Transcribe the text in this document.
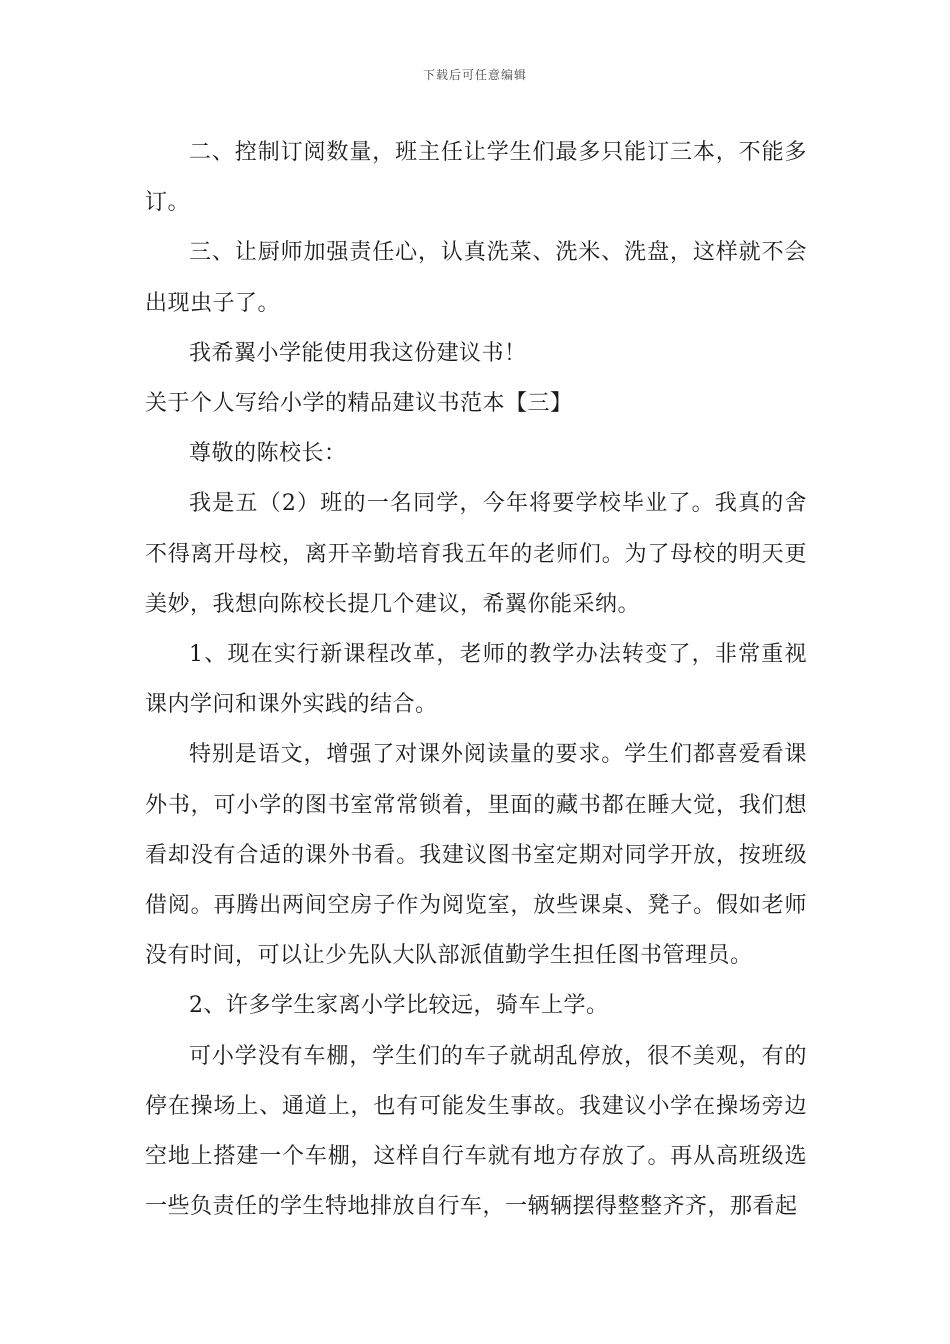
下载后可任意编辑

二、控制订阅数量，班主任让学生们最多只能订三本，不能多订。

三、让厨师加强责任心，认真洗菜、洗米、洗盘，这样就不会出现虫子了。

我希翼小学能使用我这份建议书！

关于个人写给小学的精品建议书范本【三】

尊敬的陈校长：

我是五（2）班的一名同学，今年将要学校毕业了。我真的舍不得离开母校，离开辛勤培育我五年的老师们。为了母校的明天更美妙，我想向陈校长提几个建议，希翼你能采纳。

1、现在实行新课程改革，老师的教学办法转变了，非常重视课内学问和课外实践的结合。

特别是语文，增强了对课外阅读量的要求。学生们都喜爱看课外书，可小学的图书室常常锁着，里面的藏书都在睡大觉，我们想看却没有合适的课外书看。我建议图书室定期对同学开放，按班级借阅。再腾出两间空房子作为阅览室，放些课桌、凳子。假如老师没有时间，可以让少先队大队部派值勤学生担任图书管理员。

2、许多学生家离小学比较远，骑车上学。

可小学没有车棚，学生们的车子就胡乱停放，很不美观，有的停在操场上、通道上，也有可能发生事故。我建议小学在操场旁边空地上搭建一个车棚，这样自行车就有地方存放了。再从高班级选一些负责任的学生特地排放自行车，一辆辆摆得整整齐齐，那看起
